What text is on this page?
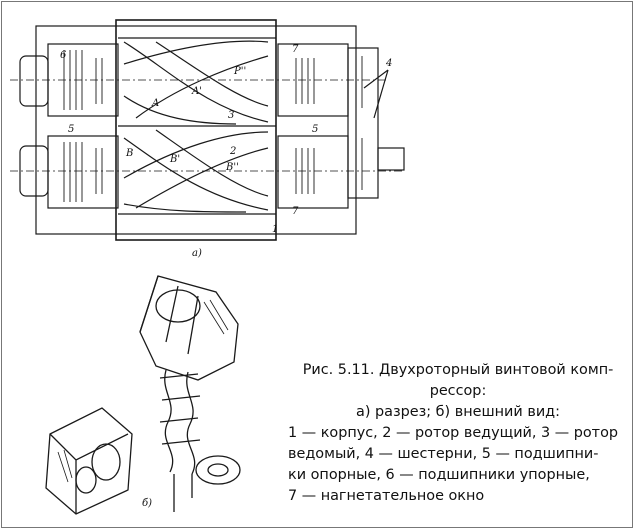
6
5	5
7
7
4
3
2
1
A
A'
P''
B
B'
B''
а)
б)
Рис. 5.11. Двухроторный винтовой комп-
рессор:
а) разрез; б) внешний вид:
1 — корпус, 2 — ротор ведущий, 3 — ротор
ведомый, 4 — шестерни, 5 — подшипни-
ки опорные, 6 — подшипники упорные,
7 — нагнетательное окно
